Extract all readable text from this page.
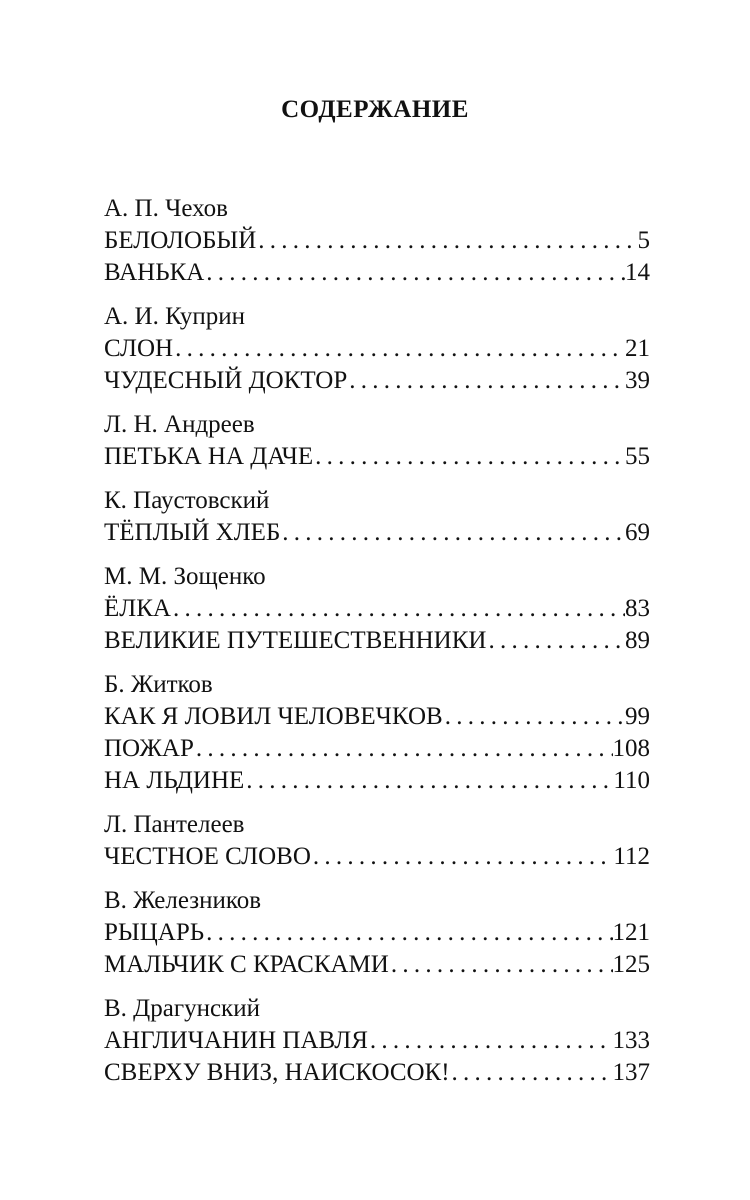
СОДЕРЖАНИЕ
А. П. Чехов
БЕЛОЛОБЫЙ . . .	5
ВАНЬКА . . .	14
А. И. Куприн
СЛОН . . .	21
ЧУДЕСНЫЙ ДОКТОР . . .	39
Л. Н. Андреев
ПЕТЬКА НА ДАЧЕ . . .	55
К. Паустовский
ТЁПЛЫЙ ХЛЕБ . . .	69
М. М. Зощенко
ЁЛКА . . .	83
ВЕЛИКИЕ ПУТЕШЕСТВЕННИКИ . . .	89
Б. Житков
КАК Я ЛОВИЛ ЧЕЛОВЕЧКОВ . . .	99
ПОЖАР . . .	108
НА ЛЬДИНЕ . . .	110
Л. Пантелеев
ЧЕСТНОЕ СЛОВО . . .	112
В. Железников
РЫЦАРЬ . . .	121
МАЛЬЧИК С КРАСКАМИ . . .	125
В. Драгунский
АНГЛИЧАНИН ПАВЛЯ . . .	133
СВЕРХУ ВНИЗ, НАИСКОСОК! . . .	137
